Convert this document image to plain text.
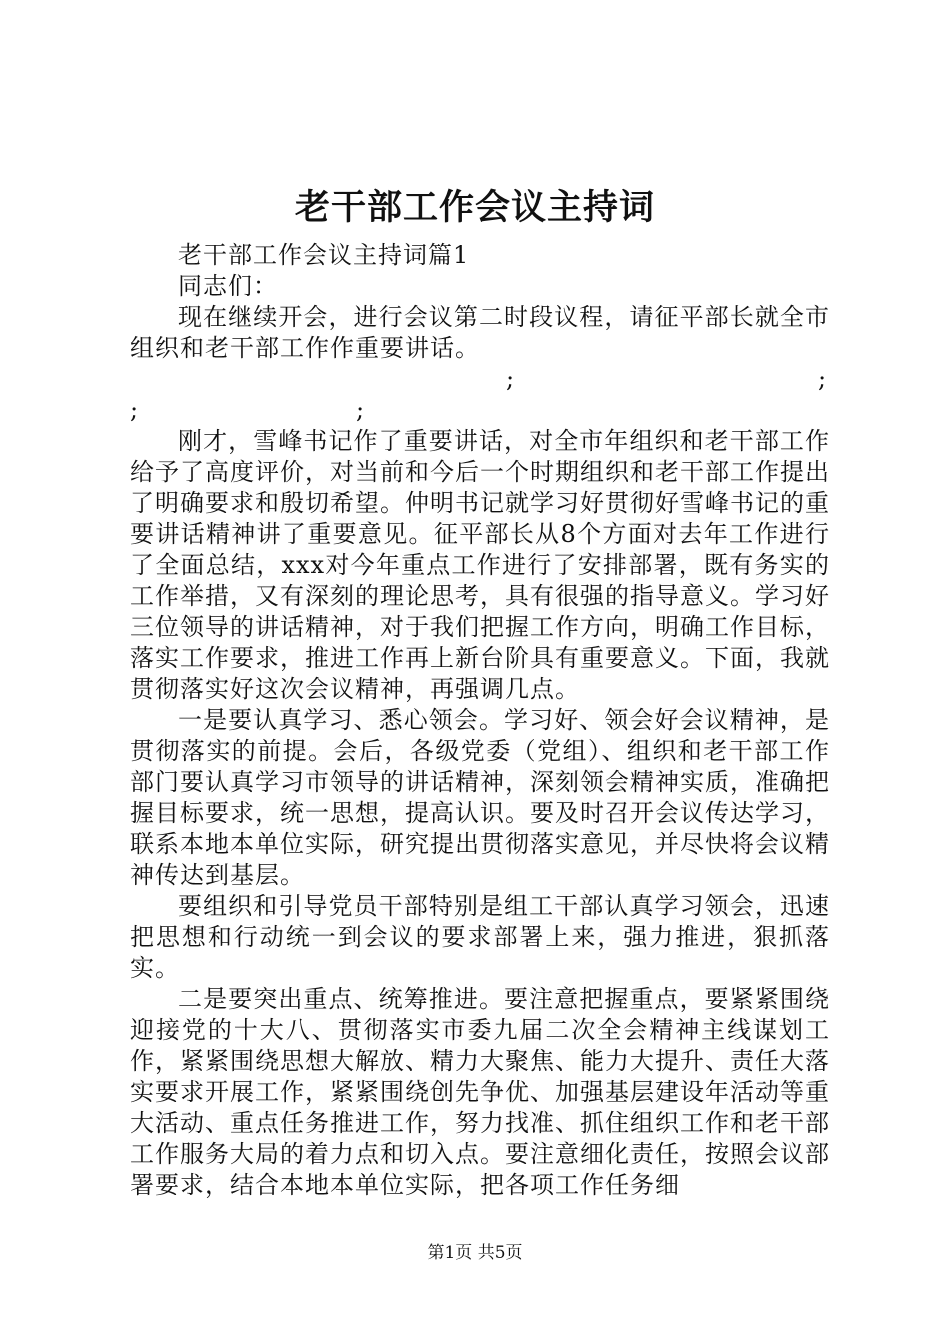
老干部工作会议主持词

老干部工作会议主持词篇1

同志们：

现在继续开会，进行会议第二时段议程，请征平部长就全市组织和老干部工作作重要讲话。

;	;
;	;

刚才，雪峰书记作了重要讲话，对全市年组织和老干部工作给予了高度评价，对当前和今后一个时期组织和老干部工作提出了明确要求和殷切希望。仲明书记就学习好贯彻好雪峰书记的重要讲话精神讲了重要意见。征平部长从8个方面对去年工作进行了全面总结，xxx对今年重点工作进行了安排部署，既有务实的工作举措，又有深刻的理论思考，具有很强的指导意义。学习好三位领导的讲话精神，对于我们把握工作方向，明确工作目标，落实工作要求，推进工作再上新台阶具有重要意义。下面，我就贯彻落实好这次会议精神，再强调几点。

一是要认真学习、悉心领会。学习好、领会好会议精神，是贯彻落实的前提。会后，各级党委（党组）、组织和老干部工作部门要认真学习市领导的讲话精神，深刻领会精神实质，准确把握目标要求，统一思想，提高认识。要及时召开会议传达学习，联系本地本单位实际，研究提出贯彻落实意见，并尽快将会议精神传达到基层。

要组织和引导党员干部特别是组工干部认真学习领会，迅速把思想和行动统一到会议的要求部署上来，强力推进，狠抓落实。

二是要突出重点、统筹推进。要注意把握重点，要紧紧围绕迎接党的十大八、贯彻落实市委九届二次全会精神主线谋划工作，紧紧围绕思想大解放、精力大聚焦、能力大提升、责任大落实要求开展工作，紧紧围绕创先争优、加强基层建设年活动等重大活动、重点任务推进工作，努力找准、抓住组织工作和老干部工作服务大局的着力点和切入点。要注意细化责任，按照会议部署要求，结合本地本单位实际，把各项工作任务细

第1页 共5页
